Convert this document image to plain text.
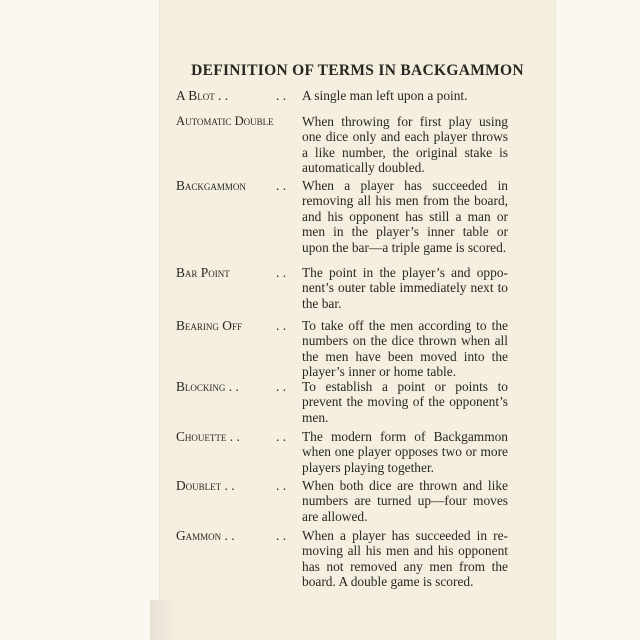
DEFINITION OF TERMS IN BACKGAMMON
A Blot . .	. .	A single man left upon a point.
Automatic Double	When throwing for first play using one dice only and each player throws a like number, the original stake is automatically doubled.
Backgammon	. .	When a player has succeeded in removing all his men from the board, and his opponent has still a man or men in the player’s inner table or upon the bar—a triple game is scored.
Bar Point	. .	The point in the player’s and opponent’s outer table immediately next to the bar.
Bearing Off	. .	To take off the men according to the numbers on the dice thrown when all the men have been moved into the player’s inner or home table.
Blocking . .	. .	To establish a point or points to prevent the moving of the opponent’s men.
Chouette . .	. .	The modern form of Backgammon when one player opposes two or more players playing together.
Doublet . .	. .	When both dice are thrown and like numbers are turned up—four moves are allowed.
Gammon . .	. .	When a player has succeeded in removing all his men and his opponent has not removed any men from the board. A double game is scored.
